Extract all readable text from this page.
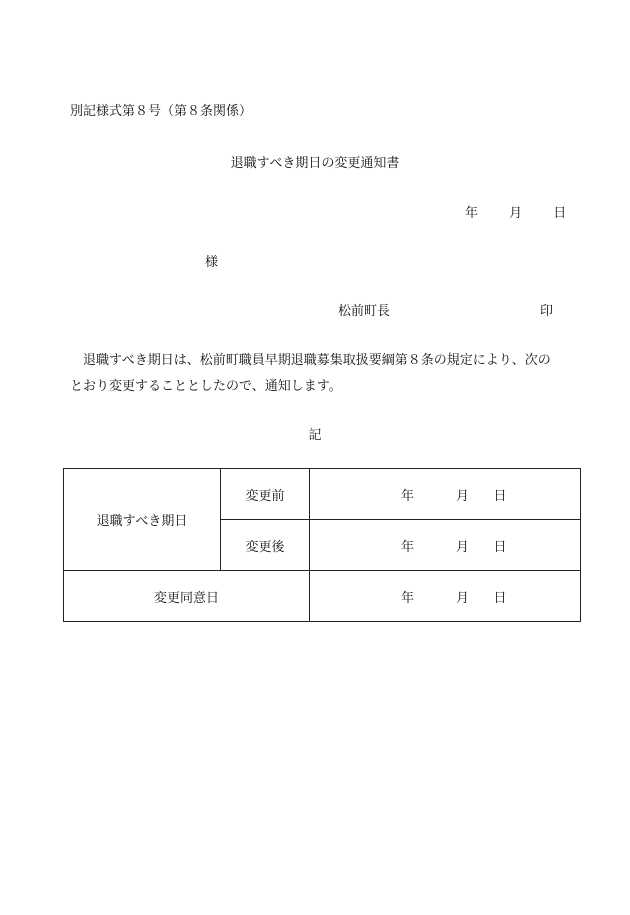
別記様式第８号（第８条関係）
退職すべき期日の変更通知書
年 月 日
様
松前町長	印

　退職すべき期日は、松前町職員早期退職募集取扱要綱第８条の規定により、次の

とおり変更することとしたので、通知します。

記
退職すべき期日	変更前	年 月 日
	変更後	年 月 日
変更同意日		年 月 日
